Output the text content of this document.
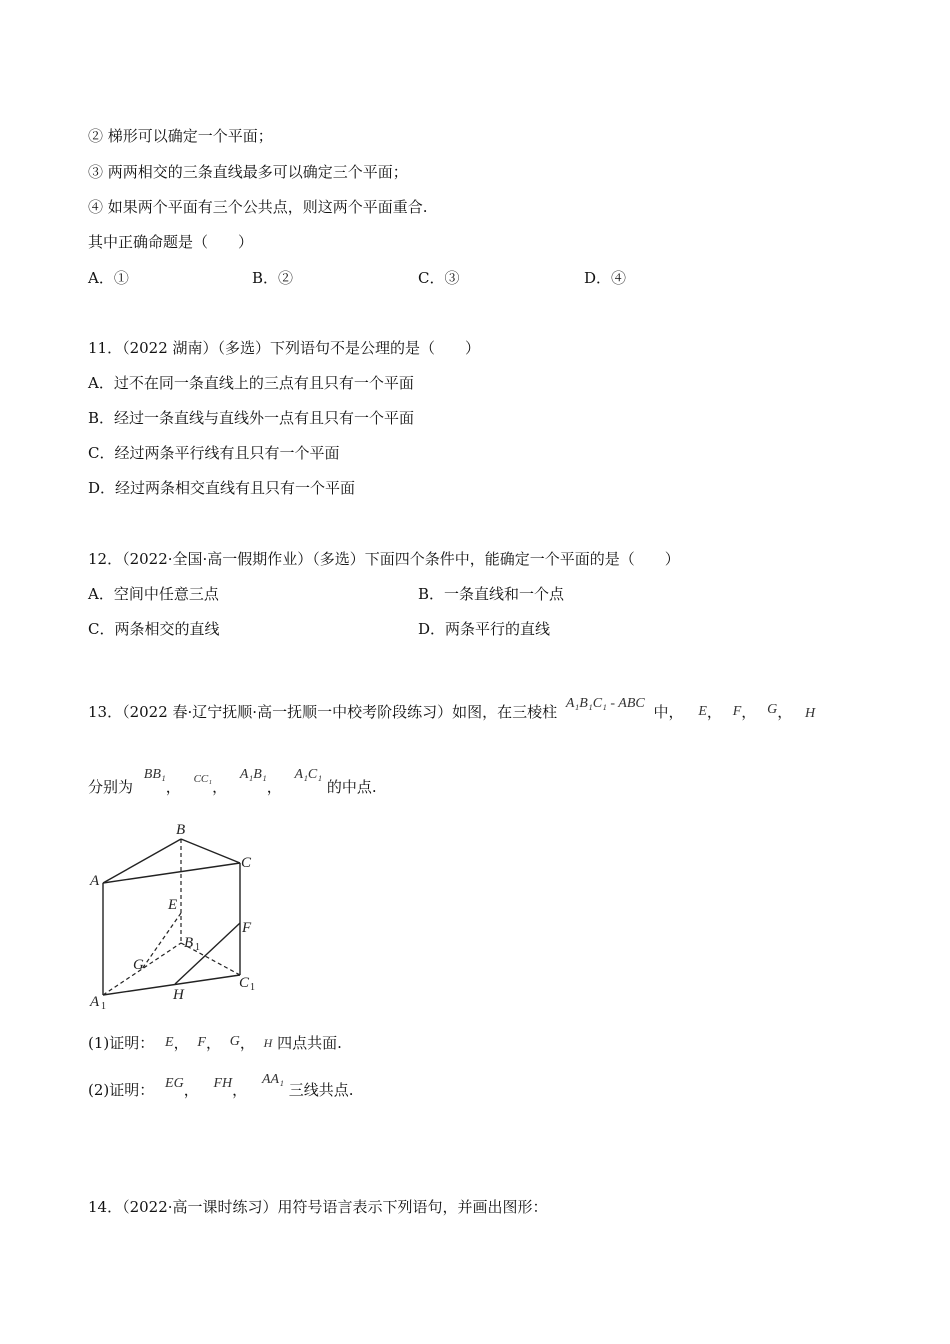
② 梯形可以确定一个平面；
③ 两两相交的三条直线最多可以确定三个平面；
④ 如果两个平面有三个公共点，则这两个平面重合.
其中正确命题是（　　）
A．①	B．②	C．③	D．④
11．（2022 湖南）（多选）下列语句不是公理的是（　　）
A．过不在同一条直线上的三点有且只有一个平面
B．经过一条直线与直线外一点有且只有一个平面
C．经过两条平行线有且只有一个平面
D．经过两条相交直线有且只有一个平面
12．（2022·全国·高一假期作业）（多选）下面四个条件中，能确定一个平面的是（　　）
A．空间中任意三点	B．一条直线和一个点
C．两条相交的直线	D．两条平行的直线
13．（2022 春·辽宁抚顺·高一抚顺一中校考阶段练习）如图，在三棱柱 A₁B₁C₁ - ABC 中， E， F， G， H
分别为 BB₁， $^{CC_1}$， A₁B₁， A₁C₁ 的中点.
B
C
A
E
B 1
F
G
C 1
H
A 1
(1)证明： E， F， G， H 四点共面.
(2)证明： EG， FH， AA₁ 三线共点.
14．（2022·高一课时练习）用符号语言表示下列语句，并画出图形：
